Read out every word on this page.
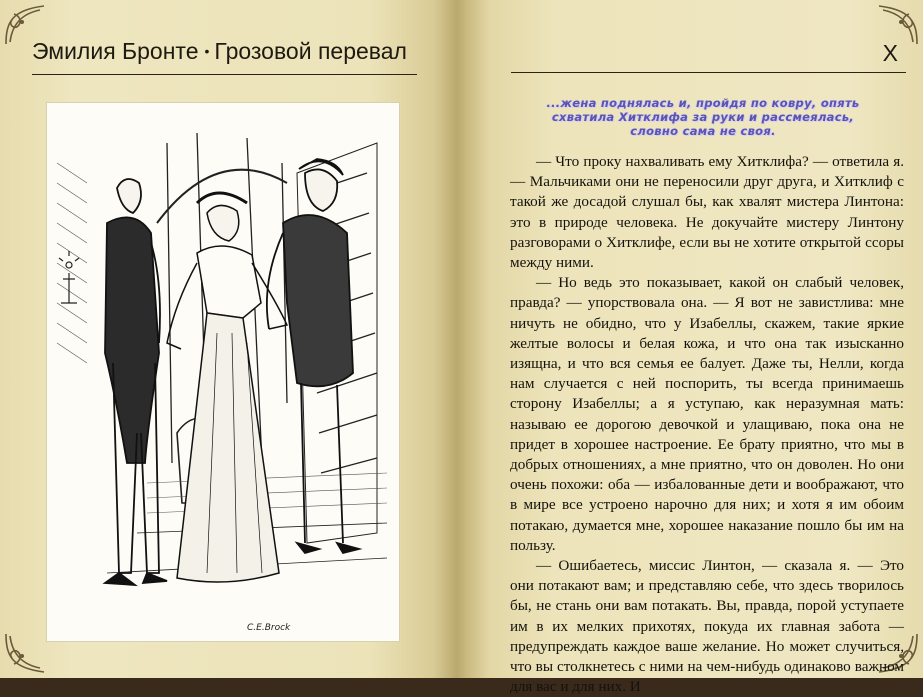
Эмилия Бронте • Грозовой перевал
C.E.Brock
X
...жена поднялась и, пройдя по ковру, опять схватила Хитклифа за руки и рассмеялась, словно сама не своя.

— Что проку нахваливать ему Хитклифа? — ответила я. — Мальчиками они не переносили друг друга, и Хитклиф с такой же досадой слушал бы, как хвалят мистера Линтона: это в природе человека. Не докучайте мистеру Линтону разговорами о Хитклифе, если вы не хотите открытой ссоры между ними.

— Но ведь это показывает, какой он слабый человек, правда? — упорствовала она. — Я вот не завистлива: мне ничуть не обидно, что у Изабеллы, скажем, такие яркие желтые волосы и белая кожа, и что она так изысканно изящна, и что вся семья ее балует. Даже ты, Нелли, когда нам случается с ней поспорить, ты всегда принимаешь сторону Изабеллы; а я уступаю, как неразумная мать: называю ее дорогою девочкой и улащиваю, пока она не придет в хорошее настроение. Ее брату приятно, что мы в добрых отношениях, а мне приятно, что он доволен. Но они очень похожи: оба — избалованные дети и воображают, что в мире все устроено нарочно для них; и хотя я им обоим потакаю, думается мне, хорошее наказание пошло бы им на пользу.

— Ошибаетесь, миссис Линтон, — сказала я. — Это они потакают вам; и представляю себе, что здесь творилось бы, не стань они вам потакать. Вы, правда, порой уступаете им в их мелких прихотях, покуда их главная забота — предупреждать каждое ваше желание. Но может случиться, что вы столкнетесь с ними на чем-нибудь одинаково важном для вас и для них. И
